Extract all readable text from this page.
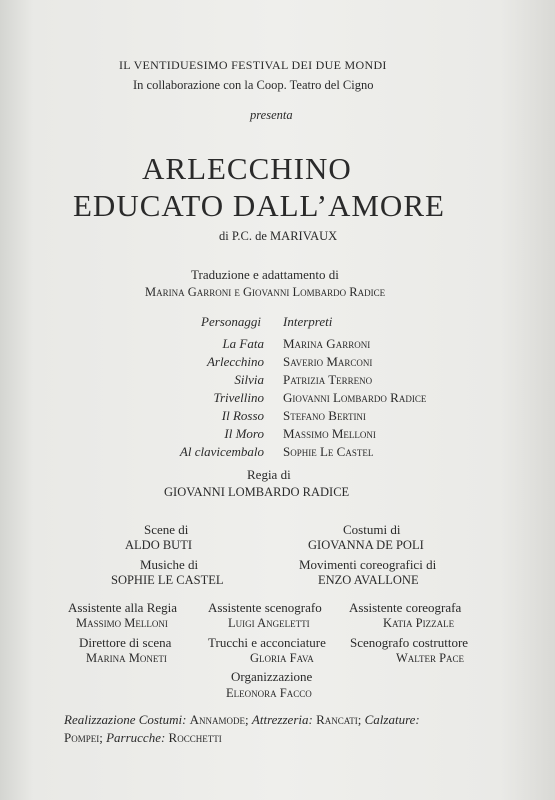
IL VENTIDUESIMO FESTIVAL DEI DUE MONDI
In collaborazione con la Coop. Teatro del Cigno
presenta
ARLECCHINO
EDUCATO DALL’AMORE
di P.C. de MARIVAUX
Traduzione e adattamento di
Marina Garroni e Giovanni Lombardo Radice
Personaggi Interpreti
La Fata Marina Garroni
Arlecchino Saverio Marconi
Silvia Patrizia Terreno
Trivellino Giovanni Lombardo Radice
Il Rosso Stefano Bertini
Il Moro Massimo Melloni
Al clavicembalo Sophie Le Castel
Regia di
GIOVANNI LOMBARDO RADICE
Scene di
ALDO BUTI
Costumi di
GIOVANNA DE POLI
Musiche di
SOPHIE LE CASTEL
Movimenti coreografici di
ENZO AVALLONE
Assistente alla Regia
Massimo Melloni
Assistente scenografo
Luigi Angeletti
Assistente coreografa
Katia Pizzale
Direttore di scena
Marina Moneti
Trucchi e acconciature
Gloria Fava
Scenografo costruttore
Walter Pace
Organizzazione
Eleonora Facco
Realizzazione Costumi: Annamode; Attrezzeria: Rancati; Calzature:
Pompei; Parrucche: Rocchetti
